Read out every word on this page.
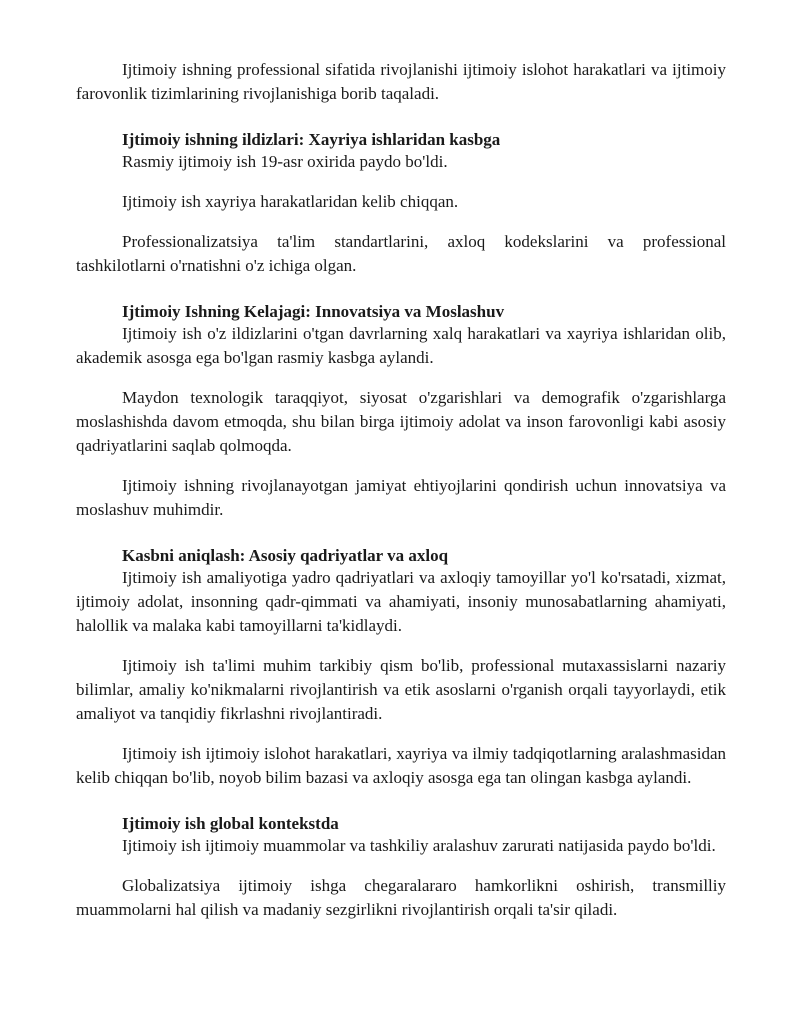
Ijtimoiy ishning professional sifatida rivojlanishi ijtimoiy islohot harakatlari va ijtimoiy farovonlik tizimlarining rivojlanishiga borib taqaladi.

Ijtimoiy ishning ildizlari: Xayriya ishlaridan kasbga

Rasmiy ijtimoiy ish 19-asr oxirida paydo bo'ldi.

Ijtimoiy ish xayriya harakatlaridan kelib chiqqan.

Professionalizatsiya ta'lim standartlarini, axloq kodekslarini va professional tashkilotlarni o'rnatishni o'z ichiga olgan.

Ijtimoiy Ishning Kelajagi: Innovatsiya va Moslashuv

Ijtimoiy ish o'z ildizlarini o'tgan davrlarning xalq harakatlari va xayriya ishlaridan olib, akademik asosga ega bo'lgan rasmiy kasbga aylandi.

Maydon texnologik taraqqiyot, siyosat o'zgarishlari va demografik o'zgarishlarga moslashishda davom etmoqda, shu bilan birga ijtimoiy adolat va inson farovonligi kabi asosiy qadriyatlarini saqlab qolmoqda.

Ijtimoiy ishning rivojlanayotgan jamiyat ehtiyojlarini qondirish uchun innovatsiya va moslashuv muhimdir.

Kasbni aniqlash: Asosiy qadriyatlar va axloq

Ijtimoiy ish amaliyotiga yadro qadriyatlari va axloqiy tamoyillar yo'l ko'rsatadi, xizmat, ijtimoiy adolat, insonning qadr-qimmati va ahamiyati, insoniy munosabatlarning ahamiyati, halollik va malaka kabi tamoyillarni ta'kidlaydi.

Ijtimoiy ish ta'limi muhim tarkibiy qism bo'lib, professional mutaxassislarni nazariy bilimlar, amaliy ko'nikmalarni rivojlantirish va etik asoslarni o'rganish orqali tayyorlaydi, etik amaliyot va tanqidiy fikrlashni rivojlantiradi.

Ijtimoiy ish ijtimoiy islohot harakatlari, xayriya va ilmiy tadqiqotlarning aralashmasidan kelib chiqqan bo'lib, noyob bilim bazasi va axloqiy asosga ega tan olingan kasbga aylandi.

Ijtimoiy ish global kontekstda

Ijtimoiy ish ijtimoiy muammolar va tashkiliy aralashuv zarurati natijasida paydo bo'ldi.

Globalizatsiya ijtimoiy ishga chegaralararo hamkorlikni oshirish, transmilliy muammolarni hal qilish va madaniy sezgirlikni rivojlantirish orqali ta'sir qiladi.
